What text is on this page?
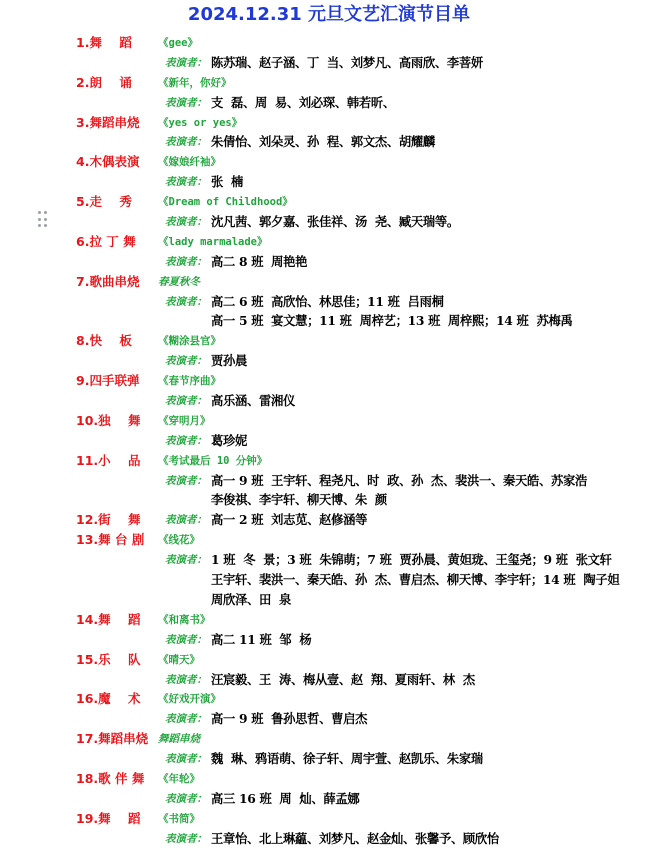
2024.12.31 元旦文艺汇演节目单
1.舞    蹈 《gee》
表演者： 陈苏瑞、赵子涵、丁  当、刘梦凡、高雨欣、李菩妍
2.朗    诵 《新年，你好》
表演者： 支  磊、周  易、刘必琛、韩若昕、
3.舞蹈串烧 《yes or yes》
表演者： 朱倩怡、刘朵灵、孙  程、郭文杰、胡耀麟
4.木偶表演 《嫁娘纤袖》
表演者： 张  楠
5.走    秀 《Dream of Childhood》
表演者： 沈凡茜、郭夕嘉、张佳祥、汤  尧、臧天瑞等。
6.拉 丁 舞 《lady marmalade》
表演者： 高二 8 班  周艳艳
7.歌曲串烧 春夏秋冬
表演者： 高二 6 班  高欣怡、林思佳；11 班  吕雨桐
高一 5 班  宴文慧；11 班  周梓艺；13 班  周梓熙；14 班  苏梅禹
8.快    板 《糊涂县官》
表演者： 贾孙晨
9.四手联弹 《春节序曲》
表演者： 高乐涵、雷湘仪
10.独    舞 《穿明月》
表演者： 葛珍妮
11.小    品 《考试最后 10 分钟》
表演者： 高一 9 班  王宇轩、程尧凡、时  政、孙  杰、裴洪一、秦天皓、苏家浩
李俊祺、李宇轩、柳天博、朱  颜
12.街    舞 表演者： 高一 2 班  刘志苋、赵修涵等
13.舞 台 剧 《线花》
表演者： 1 班  冬  景；3 班  朱锦萌；7 班  贾孙晨、黄妲珑、王玺尧；9 班  张文轩
王宇轩、裴洪一、秦天皓、孙  杰、曹启杰、柳天博、李宇轩；14 班  陶子妲
周欣泽、田  泉
14.舞    蹈 《和离书》
表演者： 高二 11 班  邹  杨
15.乐    队 《晴天》
表演者： 汪宸毅、王  涛、梅从壹、赵  翔、夏雨轩、林  杰
16.魔    术 《好戏开演》
表演者： 高一 9 班  鲁孙思哲、曹启杰
17.舞蹈串烧 舞蹈串烧
表演者： 魏  琳、鸦语萌、徐子轩、周宇萱、赵凯乐、朱家瑞
18.歌 伴 舞 《年轮》
表演者： 高三 16 班  周  灿、薛孟娜
19.舞    蹈 《书简》
表演者： 王章怡、北上琳藴、刘梦凡、赵金灿、张馨予、顾欣怡
